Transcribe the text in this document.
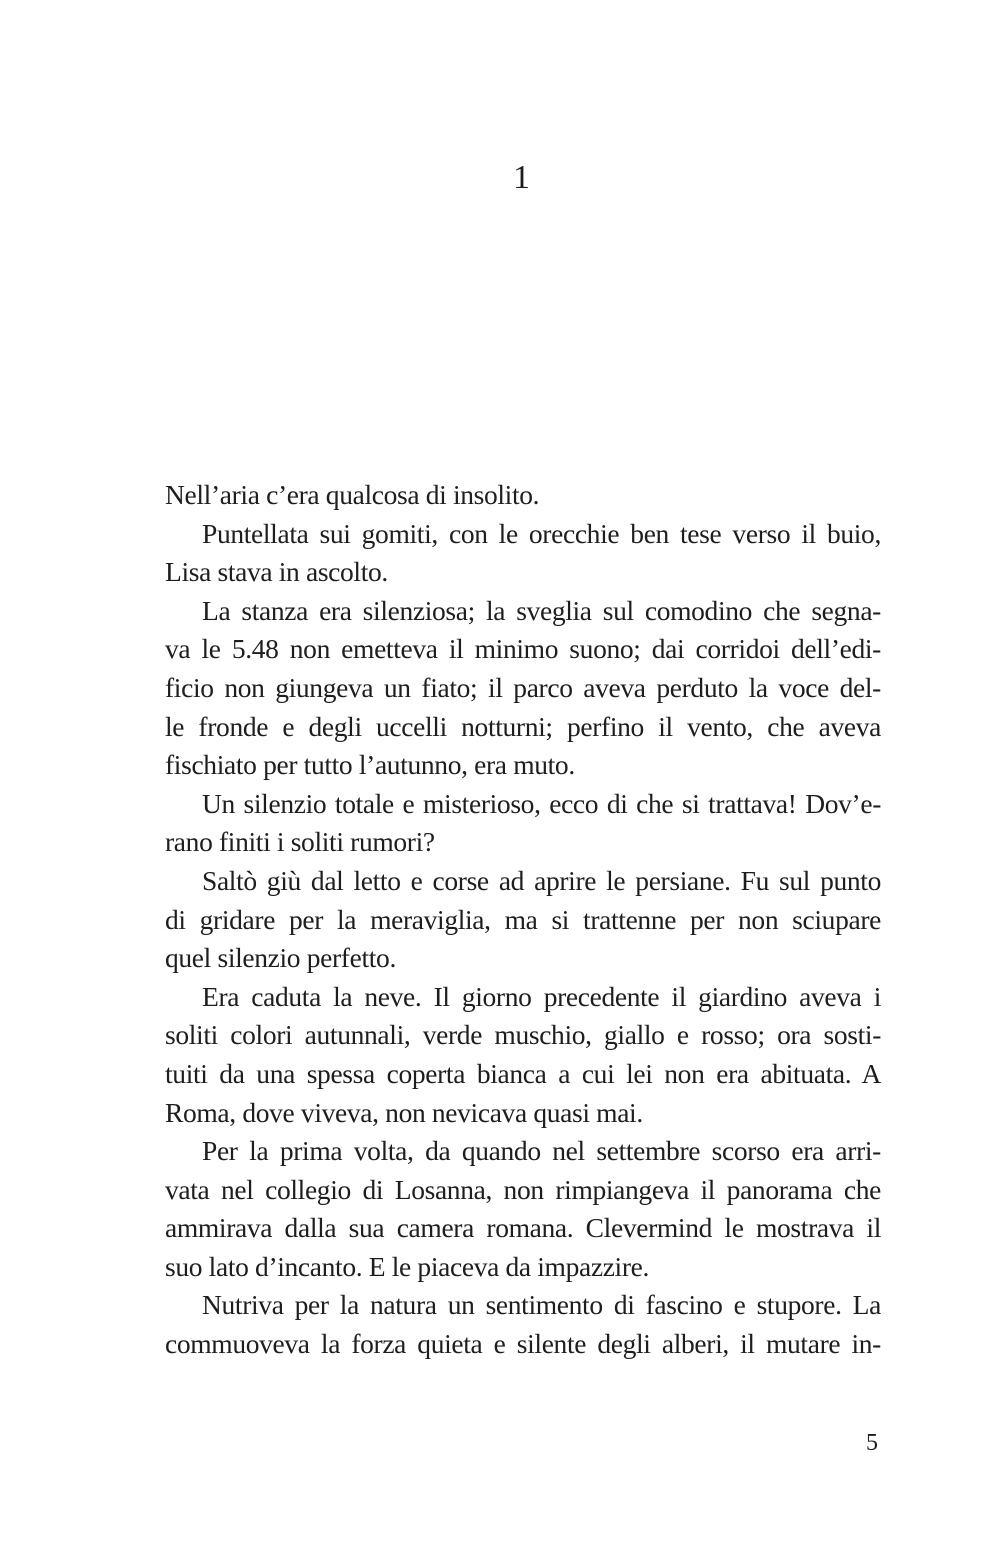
1
Nell’aria c’era qualcosa di insolito.
Puntellata sui gomiti, con le orecchie ben tese verso il buio,
Lisa stava in ascolto.
La stanza era silenziosa; la sveglia sul comodino che segna-
va le 5.48 non emetteva il minimo suono; dai corridoi dell’edi-
ficio non giungeva un fiato; il parco aveva perduto la voce del-
le fronde e degli uccelli notturni; perfino il vento, che aveva
fischiato per tutto l’autunno, era muto.
Un silenzio totale e misterioso, ecco di che si trattava! Dov’e-
rano finiti i soliti rumori?
Saltò giù dal letto e corse ad aprire le persiane. Fu sul punto
di gridare per la meraviglia, ma si trattenne per non sciupare
quel silenzio perfetto.
Era caduta la neve. Il giorno precedente il giardino aveva i
soliti colori autunnali, verde muschio, giallo e rosso; ora sosti-
tuiti da una spessa coperta bianca a cui lei non era abituata. A
Roma, dove viveva, non nevicava quasi mai.
Per la prima volta, da quando nel settembre scorso era arri-
vata nel collegio di Losanna, non rimpiangeva il panorama che
ammirava dalla sua camera romana. Clevermind le mostrava il
suo lato d’incanto. E le piaceva da impazzire.
Nutriva per la natura un sentimento di fascino e stupore. La
commuoveva la forza quieta e silente degli alberi, il mutare in-
5
